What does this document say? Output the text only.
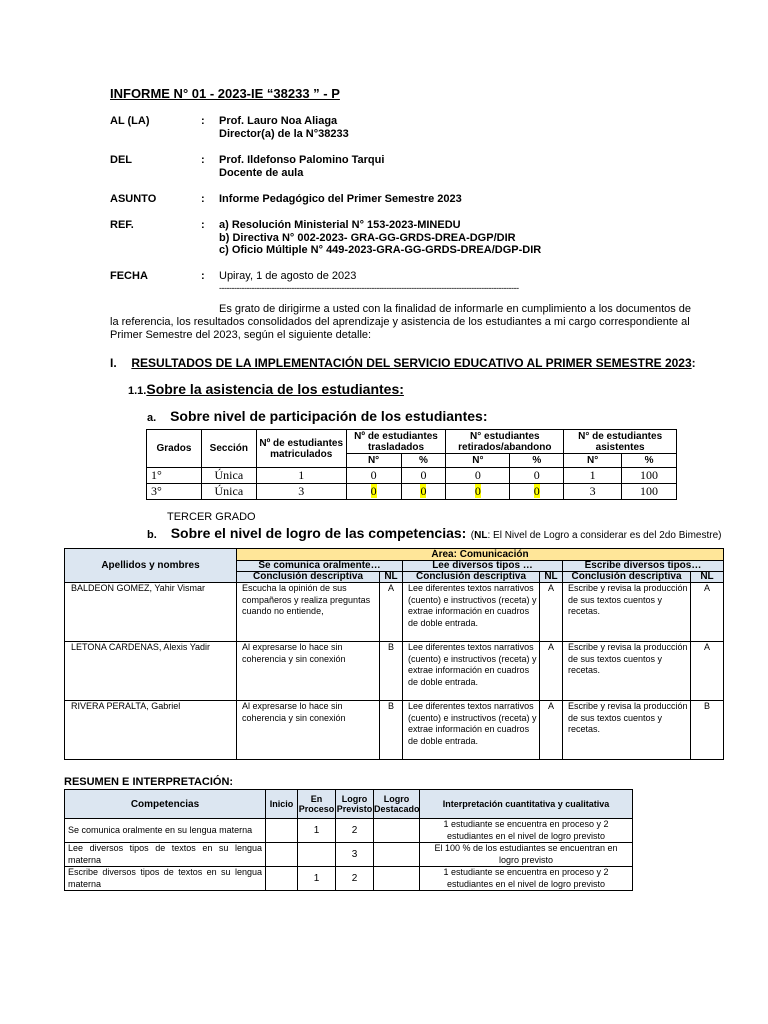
INFORME N° 01 - 2023-IE “38233 ” - P
AL (LA)	: Prof. Lauro Noa Aliaga
Director(a) de la N°38233
DEL	: Prof. Ildefonso Palomino Tarqui
Docente de aula
ASUNTO	: Informe Pedagógico del Primer Semestre 2023
REF.	: a) Resolución Ministerial N° 153-2023-MINEDU
b) Directiva N° 002-2023- GRA-GG-GRDS-DREA-DGP/DIR
c) Oficio Múltiple N° 449-2023-GRA-GG-GRDS-DREA/DGP-DIR
FECHA	: Upiray, 1 de agosto de 2023
------------------------------------------------------------------------------------------------------------------------
Es grato de dirigirme a usted con la finalidad de informarle en cumplimiento a los documentos de
la referencia, los resultados consolidados del aprendizaje y asistencia de los estudiantes a mi cargo correspondiente al
Primer Semestre del 2023, según el siguiente detalle:
I. RESULTADOS DE LA IMPLEMENTACIÓN DEL SERVICIO EDUCATIVO AL PRIMER SEMESTRE 2023:
1.1.Sobre la asistencia de los estudiantes:
a. Sobre nivel de participación de los estudiantes:
Grados	Sección	Nº de estudiantes matriculados	Nº de estudiantes trasladados		N° estudiantes retirados/abandono		N° de estudiantes asistentes	
			N°	%	N°	%	N°	%
1°	Única	1	0	0	0	0	1	100
3°	Única	3	0	0	0	0	3	100
TERCER GRADO
b. Sobre el nivel de logro de las competencias: (NL: El Nivel de Logro a considerar es del 2do Bimestre)
Apellidos y nombres	Área: Comunicación					
	Se comunica oralmente…		Lee diversos tipos …		Escribe diversos tipos…	
	Conclusión descriptiva	NL	Conclusión descriptiva	NL	Conclusión descriptiva	NL
BALDEON GOMEZ, Yahir Vismar	Escucha la opinión de sus compañeros y realiza preguntas cuando no entiende,	A	Lee diferentes textos narrativos (cuento) e instructivos (receta) y extrae información en cuadros de doble entrada.	A	Escribe y revisa la producción de sus textos cuentos y recetas.	A
LETONA CARDENAS, Alexis Yadir	Al expresarse lo hace sin coherencia y sin conexión	B	Lee diferentes textos narrativos (cuento) e instructivos (receta) y extrae información en cuadros de doble entrada.	A	Escribe y revisa la producción de sus textos cuentos y recetas.	A
RIVERA PERALTA, Gabriel	Al expresarse lo hace sin coherencia y sin conexión	B	Lee diferentes textos narrativos (cuento) e instructivos (receta) y extrae información en cuadros de doble entrada.	A	Escribe y revisa la producción de sus textos cuentos y recetas.	B
RESUMEN E INTERPRETACIÓN:
Competencias	Inicio	En Proceso	Logro Previsto	Logro Destacado	Interpretación cuantitativa y cualitativa
Se comunica oralmente en su lengua materna		1	2		1 estudiante se encuentra en proceso y 2 estudiantes en el nivel de logro previsto
Lee diversos tipos de textos en su lengua materna			3		El 100 % de los estudiantes se encuentran en logro previsto
Escribe diversos tipos de textos en su lengua materna		1	2		1 estudiante se encuentra en proceso y 2 estudiantes en el nivel de logro previsto
